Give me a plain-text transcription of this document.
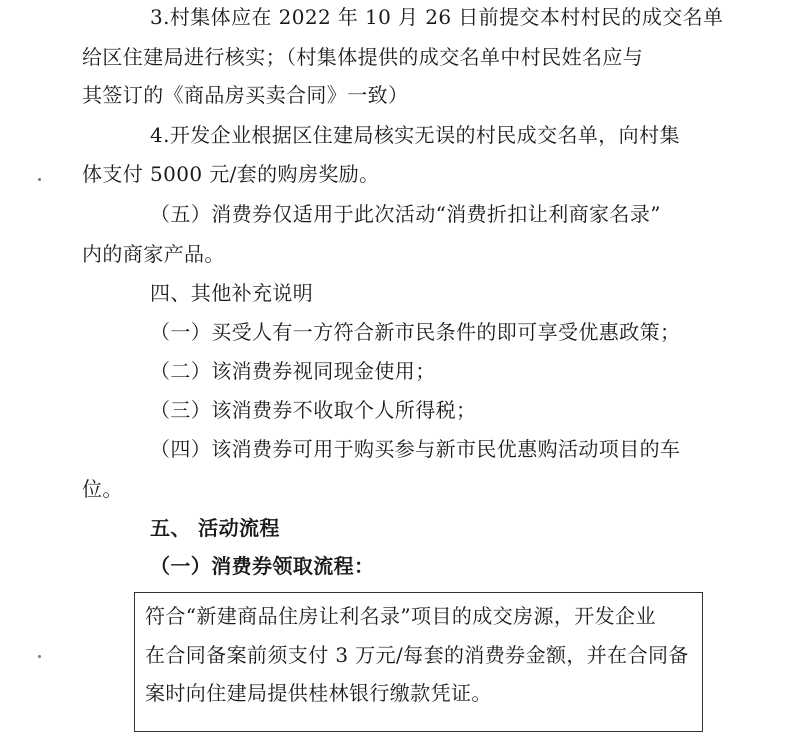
3.村集体应在 2022 年 10 月 26 日前提交本村村民的成交名单
给区住建局进行核实；（村集体提供的成交名单中村民姓名应与
其签订的《商品房买卖合同》一致）
4.开发企业根据区住建局核实无误的村民成交名单，向村集
体支付 5000 元/套的购房奖励。
（五）消费券仅适用于此次活动“消费折扣让利商家名录”
内的商家产品。
四、其他补充说明
（一）买受人有一方符合新市民条件的即可享受优惠政策；
（二）该消费券视同现金使用；
（三）该消费券不收取个人所得税；
（四）该消费券可用于购买参与新市民优惠购活动项目的车
位。
五、 活动流程
（一）消费券领取流程：
符合“新建商品住房让利名录”项目的成交房源，开发企业
在合同备案前须支付 3 万元/每套的消费券金额，并在合同备
案时向住建局提供桂林银行缴款凭证。
